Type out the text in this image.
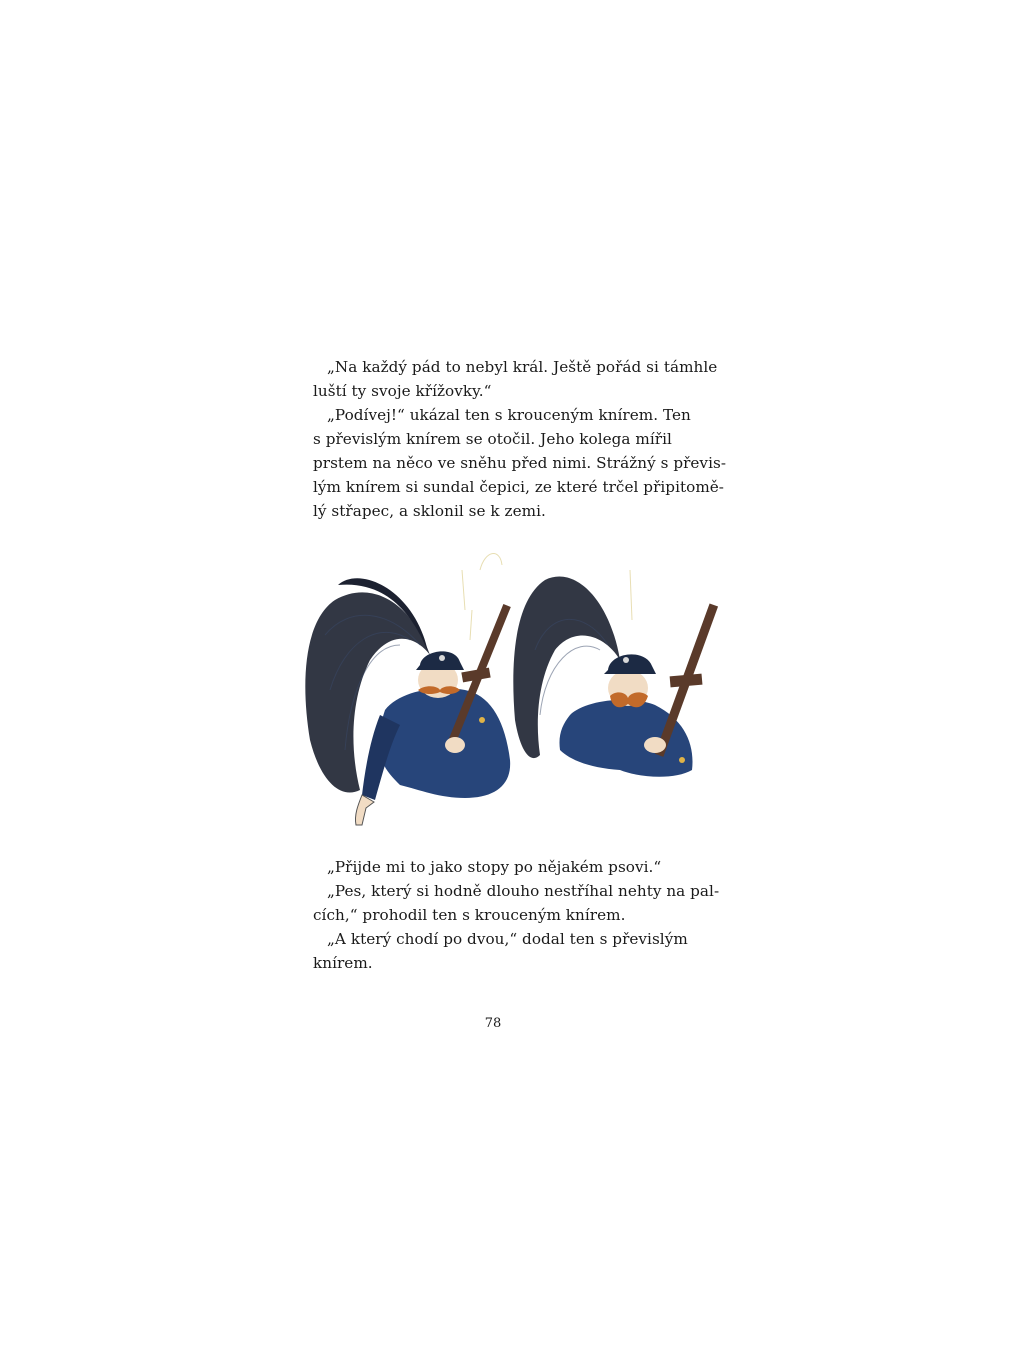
„Na každý pád to nebyl král. Ještě pořád si támhle
luští ty svoje křížovky.“
„Podívej!“ ukázal ten s krouceným knírem. Ten
s převislým knírem se otočil. Jeho kolega mířil
prstem na něco ve sněhu před nimi. Strážný s převis-
lým knírem si sundal čepici, ze které trčel připitomě-
lý střapec, a sklonil se k zemi.
„Přijde mi to jako stopy po nějakém psovi.“
„Pes, který si hodně dlouho nestříhal nehty na pal-
cích,“ prohodil ten s krouceným knírem.
„A který chodí po dvou,“ dodal ten s převislým
knírem.
78
